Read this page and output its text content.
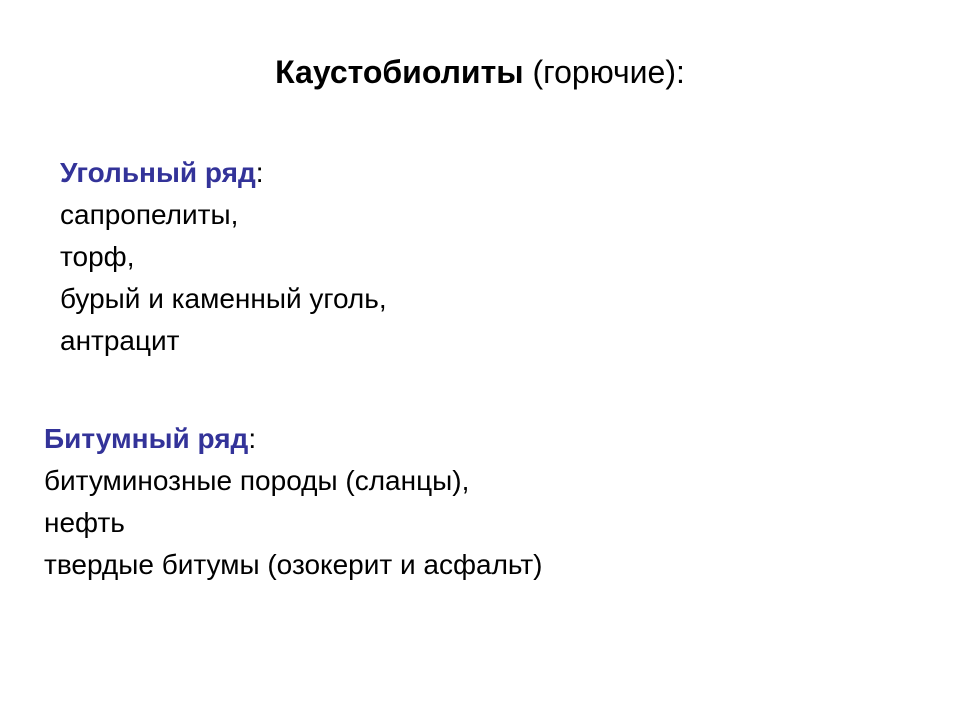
Каустобиолиты (горючие):
Угольный ряд:
сапропелиты,
торф,
бурый и каменный уголь,
антрацит
Битумный ряд:
битуминозные породы (сланцы),
нефть
твердые битумы (озокерит и асфальт)
